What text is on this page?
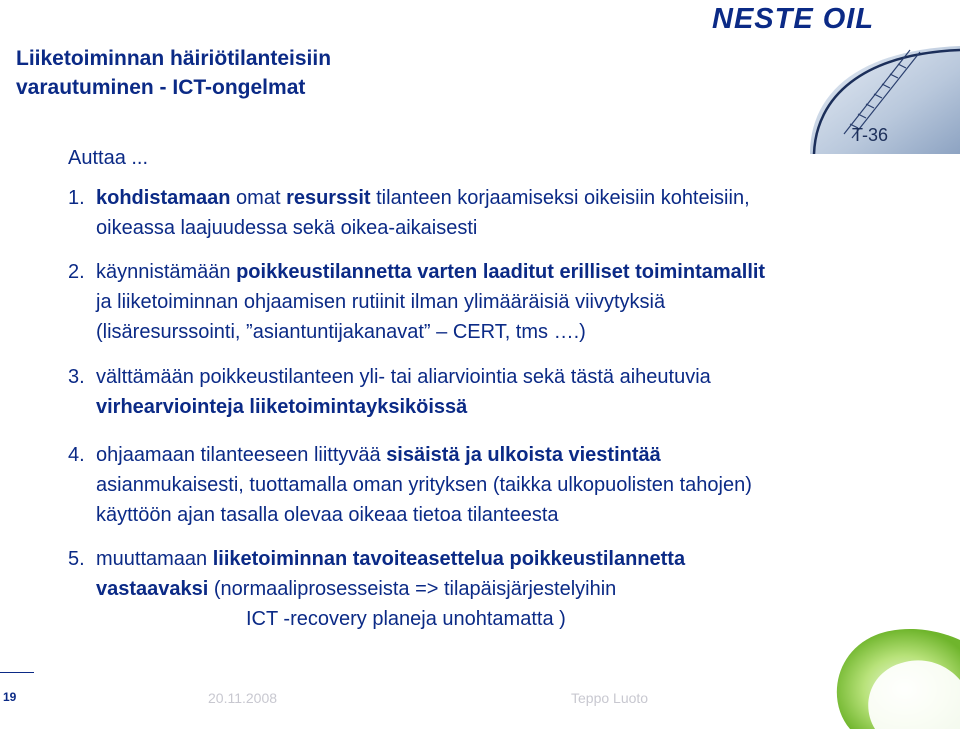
Liiketoiminnan häiriötilanteisiin
varautuminen - ICT-ongelmat
NESTE OIL
T-36
Auttaa ...
1. kohdistamaan omat resurssit tilanteen korjaamiseksi oikeisiin kohteisiin,
oikeassa laajuudessa sekä oikea-aikaisesti
2. käynnistämään poikkeustilannetta varten laaditut erilliset toimintamallit
ja liiketoiminnan ohjaamisen rutiinit ilman ylimääräisiä viivytyksiä
(lisäresurssointi, ”asiantuntijakanavat” – CERT, tms ….)
3. välttämään poikkeustilanteen yli- tai aliarviointia sekä tästä aiheutuvia
virhearviointeja liiketoimintayksiköissä
4. ohjaamaan tilanteeseen liittyvää sisäistä ja ulkoista viestintää
asianmukaisesti, tuottamalla oman yrityksen (taikka ulkopuolisten tahojen)
käyttöön ajan tasalla olevaa oikeaa tietoa tilanteesta
5. muuttamaan liiketoiminnan tavoiteasettelua poikkeustilannetta
vastaavaksi (normaaliprosesseista => tilapäisjärjestelyihin
ICT -recovery planeja unohtamatta )
19	20.11.2008	Teppo Luoto
